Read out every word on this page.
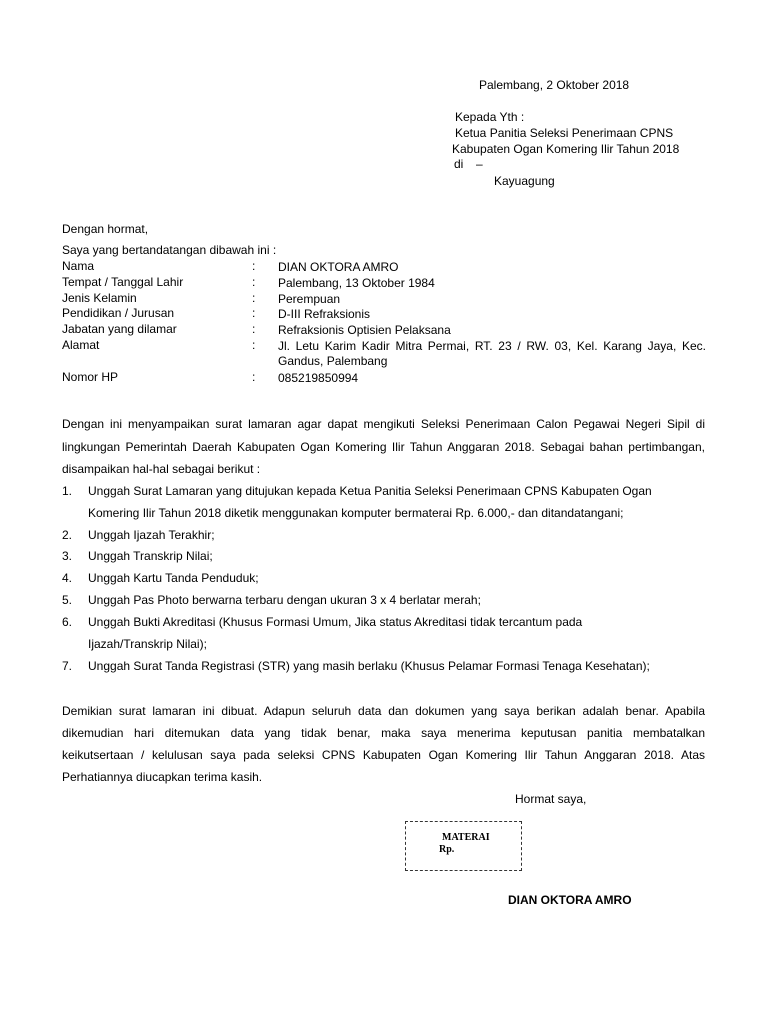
Palembang, 2 Oktober 2018
Kepada Yth :
Ketua Panitia Seleksi Penerimaan CPNS
Kabupaten Ogan Komering Ilir Tahun 2018
di –
Kayuagung
Dengan hormat,
Saya yang bertandatangan dibawah ini :
Nama	: DIAN OKTORA AMRO
Tempat / Tanggal Lahir	: Palembang, 13 Oktober 1984
Jenis Kelamin	: Perempuan
Pendidikan / Jurusan	: D-III Refraksionis
Jabatan yang dilamar	: Refraksionis Optisien Pelaksana
Alamat	: Jl. Letu Karim Kadir Mitra Permai, RT. 23 / RW. 03, Kel. Karang Jaya, Kec.
Gandus, Palembang
Nomor HP	: 085219850994
Dengan ini menyampaikan surat lamaran agar dapat mengikuti Seleksi Penerimaan Calon Pegawai Negeri Sipil di
lingkungan Pemerintah Daerah Kabupaten Ogan Komering Ilir Tahun Anggaran 2018. Sebagai bahan pertimbangan,
disampaikan hal-hal sebagai berikut :
1. Unggah Surat Lamaran yang ditujukan kepada Ketua Panitia Seleksi Penerimaan CPNS Kabupaten Ogan
Komering Ilir Tahun 2018 diketik menggunakan komputer bermaterai Rp. 6.000,- dan ditandatangani;
2. Unggah Ijazah Terakhir;
3. Unggah Transkrip Nilai;
4. Unggah Kartu Tanda Penduduk;
5. Unggah Pas Photo berwarna terbaru dengan ukuran 3 x 4 berlatar merah;
6. Unggah Bukti Akreditasi (Khusus Formasi Umum, Jika status Akreditasi tidak tercantum pada
Ijazah/Transkrip Nilai);
7. Unggah Surat Tanda Registrasi (STR) yang masih berlaku (Khusus Pelamar Formasi Tenaga Kesehatan);
Demikian surat lamaran ini dibuat. Adapun seluruh data dan dokumen yang saya berikan adalah benar. Apabila
dikemudian hari ditemukan data yang tidak benar, maka saya menerima keputusan panitia membatalkan
keikutsertaan / kelulusan saya pada seleksi CPNS Kabupaten Ogan Komering Ilir Tahun Anggaran 2018. Atas
Perhatiannya diucapkan terima kasih.
Hormat saya,
MATERAI
Rp.
DIAN OKTORA AMRO
